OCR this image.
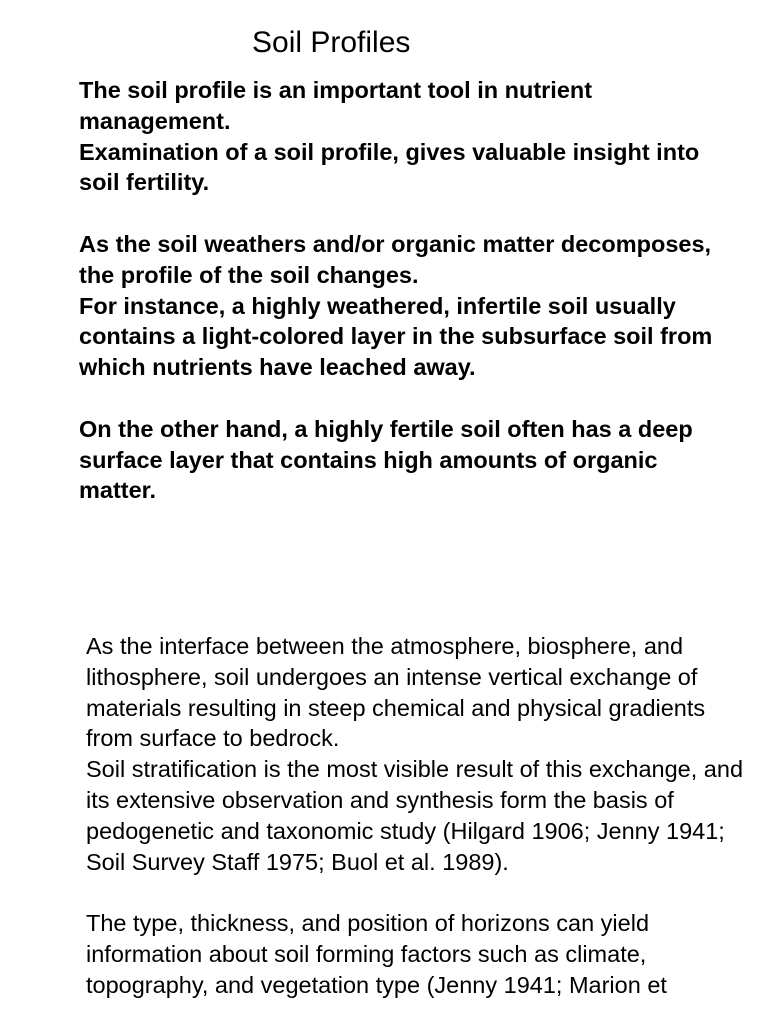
Soil Profiles

The soil profile is an important tool in nutrient management.

Examination of a soil profile, gives valuable insight into soil fertility.

As the soil weathers and/or organic matter decomposes, the profile of the soil changes.

For instance, a highly weathered, infertile soil usually contains a light-colored layer in the subsurface soil from which nutrients have leached away.

On the other hand, a highly fertile soil often has a deep surface layer that contains high amounts of organic matter.

As the interface between the atmosphere, biosphere, and lithosphere, soil undergoes an intense vertical exchange of materials resulting in steep chemical and physical gradients from surface to bedrock.

Soil stratification is the most visible result of this exchange, and its extensive observation and synthesis form the basis of pedogenetic and taxonomic study (Hilgard 1906; Jenny 1941; Soil Survey Staff 1975; Buol et al. 1989).

The type, thickness, and position of horizons can yield information about soil forming factors such as climate, topography, and vegetation type (Jenny 1941; Marion et
